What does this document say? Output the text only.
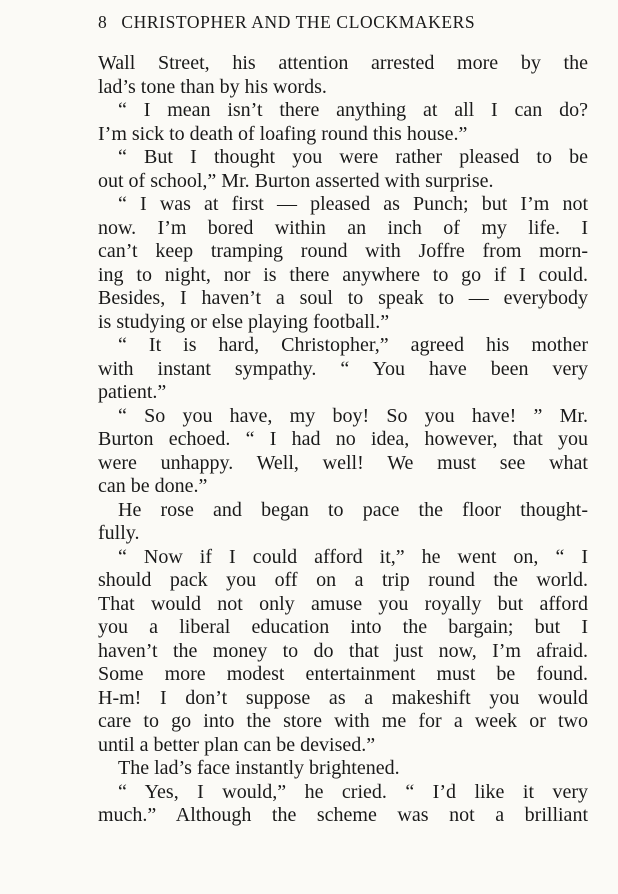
8 CHRISTOPHER AND THE CLOCKMAKERS
Wall Street, his attention arrested more by the
lad’s tone than by his words.
“ I mean isn’t there anything at all I can do?
I’m sick to death of loafing round this house.”
“ But I thought you were rather pleased to be
out of school,” Mr. Burton asserted with surprise.
“ I was at first — pleased as Punch; but I’m not
now. I’m bored within an inch of my life. I
can’t keep tramping round with Joffre from morn-
ing to night, nor is there anywhere to go if I could.
Besides, I haven’t a soul to speak to — everybody
is studying or else playing football.”
“ It is hard, Christopher,” agreed his mother
with instant sympathy. “ You have been very
patient.”
“ So you have, my boy! So you have! ” Mr.
Burton echoed. “ I had no idea, however, that you
were unhappy. Well, well! We must see what
can be done.”
He rose and began to pace the floor thought-
fully.
“ Now if I could afford it,” he went on, “ I
should pack you off on a trip round the world.
That would not only amuse you royally but afford
you a liberal education into the bargain; but I
haven’t the money to do that just now, I’m afraid.
Some more modest entertainment must be found.
H-m! I don’t suppose as a makeshift you would
care to go into the store with me for a week or two
until a better plan can be devised.”
The lad’s face instantly brightened.
“ Yes, I would,” he cried. “ I’d like it very
much.” Although the scheme was not a brilliant
